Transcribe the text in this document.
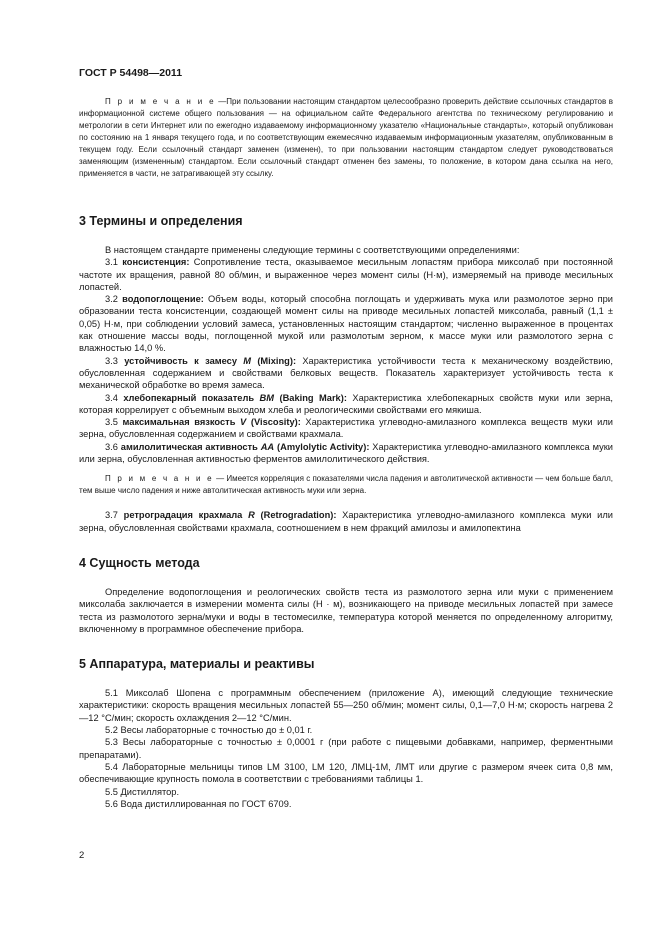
ГОСТ Р 54498—2011

П р и м е ч а н и е —При пользовании настоящим стандартом целесообразно проверить действие ссылочных стандартов в информационной системе общего пользования — на официальном сайте Федерального агентства по техническому регулированию и метрологии в сети Интернет или по ежегодно издаваемому информационному указателю «Национальные стандарты», который опубликован по состоянию на 1 января текущего года, и по соответствующим ежемесячно издаваемым информационным указателям, опубликованным в текущем году. Если ссылочный стандарт заменен (изменен), то при пользовании настоящим стандартом следует руководствоваться заменяющим (измененным) стандартом. Если ссылочный стандарт отменен без замены, то положение, в котором дана ссылка на него, применяется в части, не затрагивающей эту ссылку.

3 Термины и определения

В настоящем стандарте применены следующие термины с соответствующими определениями:

3.1 консистенция: Сопротивление теста, оказываемое месильным лопастям прибора миксолаб при постоянной частоте их вращения, равной 80 об/мин, и выраженное через момент силы (Н·м), измеряемый на приводе месильных лопастей.

3.2 водопоглощение: Объем воды, который способна поглощать и удерживать мука или размолотое зерно при образовании теста консистенции, создающей момент силы на приводе месильных лопастей миксолаба, равный (1,1 ± 0,05) Н·м, при соблюдении условий замеса, установленных настоящим стандартом; численно выраженное в процентах как отношение массы воды, поглощенной мукой или размолотым зерном, к массе муки или размолотого зерна с влажностью 14,0 %.

3.3 устойчивость к замесу М (Mixing): Характеристика устойчивости теста к механическому воздействию, обусловленная содержанием и свойствами белковых веществ. Показатель характеризует устойчивость теста к механической обработке во время замеса.

3.4 хлебопекарный показатель ВМ (Baking Mark): Характеристика хлебопекарных свойств муки или зерна, которая коррелирует с объемным выходом хлеба и реологическими свойствами его мякиша.

3.5 максимальная вязкость V (Viscosity): Характеристика углеводно-амилазного комплекса веществ муки или зерна, обусловленная содержанием и свойствами крахмала.

3.6 амилолитическая активность АА (Amylolytic Activity): Характеристика углеводно-амилазного комплекса муки или зерна, обусловленная активностью ферментов амилолитического действия.

П р и м е ч а н и е — Имеется корреляция с показателями числа падения и автолитической активности — чем больше балл, тем выше число падения и ниже автолитическая активность муки или зерна.

3.7 ретроградация крахмала R (Retrogradation): Характеристика углеводно-амилазного комплекса муки или зерна, обусловленная свойствами крахмала, соотношением в нем фракций амилозы и амилопектина

4 Сущность метода

Определение водопоглощения и реологических свойств теста из размолотого зерна или муки с применением миксолаба заключается в измерении момента силы (Н · м), возникающего на приводе месильных лопастей при замесе теста из размолотого зерна/муки и воды в тестомесилке, температура которой меняется по определенному алгоритму, включенному в программное обеспечение прибора.

5 Аппаратура, материалы и реактивы

5.1 Миксолаб Шопена с программным обеспечением (приложение А), имеющий следующие технические характеристики: скорость вращения месильных лопастей 55—250 об/мин; момент силы, 0,1—7,0 Н·м; скорость нагрева 2—12 °С/мин; скорость охлаждения 2—12 °С/мин.

5.2 Весы лабораторные с точностью до ± 0,01 г.

5.3 Весы лабораторные с точностью ± 0,0001 г (при работе с пищевыми добавками, например, ферментными препаратами).

5.4 Лабораторные мельницы типов LM 3100, LM 120, ЛМЦ-1М, ЛМТ или другие с размером ячеек сита 0,8 мм, обеспечивающие крупность помола в соответствии с требованиями таблицы 1.

5.5 Дистиллятор.

5.6 Вода дистиллированная по ГОСТ 6709.

2
